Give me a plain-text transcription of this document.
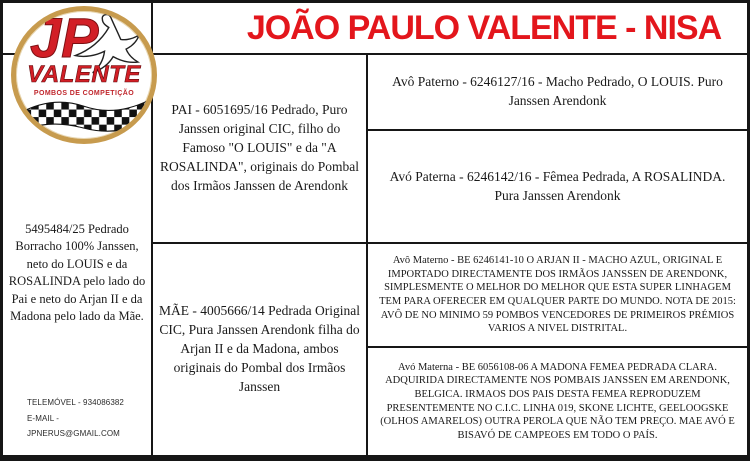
JOÃO PAULO VALENTE - NISA
JP
VALENTE
POMBOS DE COMPETIÇÃO
5495484/25 Pedrado Borracho 100% Janssen, neto do LOUIS e da ROSALINDA pelo lado do Pai e neto do Arjan II e da Madona pelo lado da Mãe.
TELEMÓVEL - 934086382
E-MAIL - JPNERUS@GMAIL.COM
PAI - 6051695/16 Pedrado, Puro Janssen original CIC, filho do Famoso "O LOUIS" e da "A ROSALINDA", originais do Pombal dos Irmãos Janssen de Arendonk
Avô Paterno - 6246127/16 - Macho Pedrado, O LOUIS. Puro Janssen Arendonk
Avó Paterna - 6246142/16 - Fêmea Pedrada, A ROSALINDA. Pura Janssen Arendonk
MÃE - 4005666/14 Pedrada Original CIC, Pura Janssen Arendonk filha do Arjan II e da Madona, ambos originais do Pombal dos Irmãos Janssen
Avô Materno - BE 6246141-10 O ARJAN II - MACHO AZUL, ORIGINAL E IMPORTADO DIRECTAMENTE DOS IRMÃOS JANSSEN DE ARENDONK, SIMPLESMENTE O MELHOR DO MELHOR QUE ESTA SUPER LINHAGEM TEM PARA OFERECER EM QUALQUER PARTE DO MUNDO. NOTA DE 2015: AVÔ DE NO MINIMO 59 POMBOS VENCEDORES DE PRIMEIROS PRÉMIOS VARIOS A NIVEL DISTRITAL.
Avó Materna - BE 6056108-06 A MADONA FEMEA PEDRADA CLARA. ADQUIRIDA DIRECTAMENTE NOS POMBAIS JANSSEN EM ARENDONK, BELGICA. IRMAOS DOS PAIS DESTA FEMEA REPRODUZEM PRESENTEMENTE NO C.I.C. LINHA 019, SKONE LICHTE, GEELOOGSKE (OLHOS AMARELOS) OUTRA PEROLA QUE NÃO TEM PREÇO. MAE AVÓ E BISAVÓ DE CAMPEOES EM TODO O PAÍS.
